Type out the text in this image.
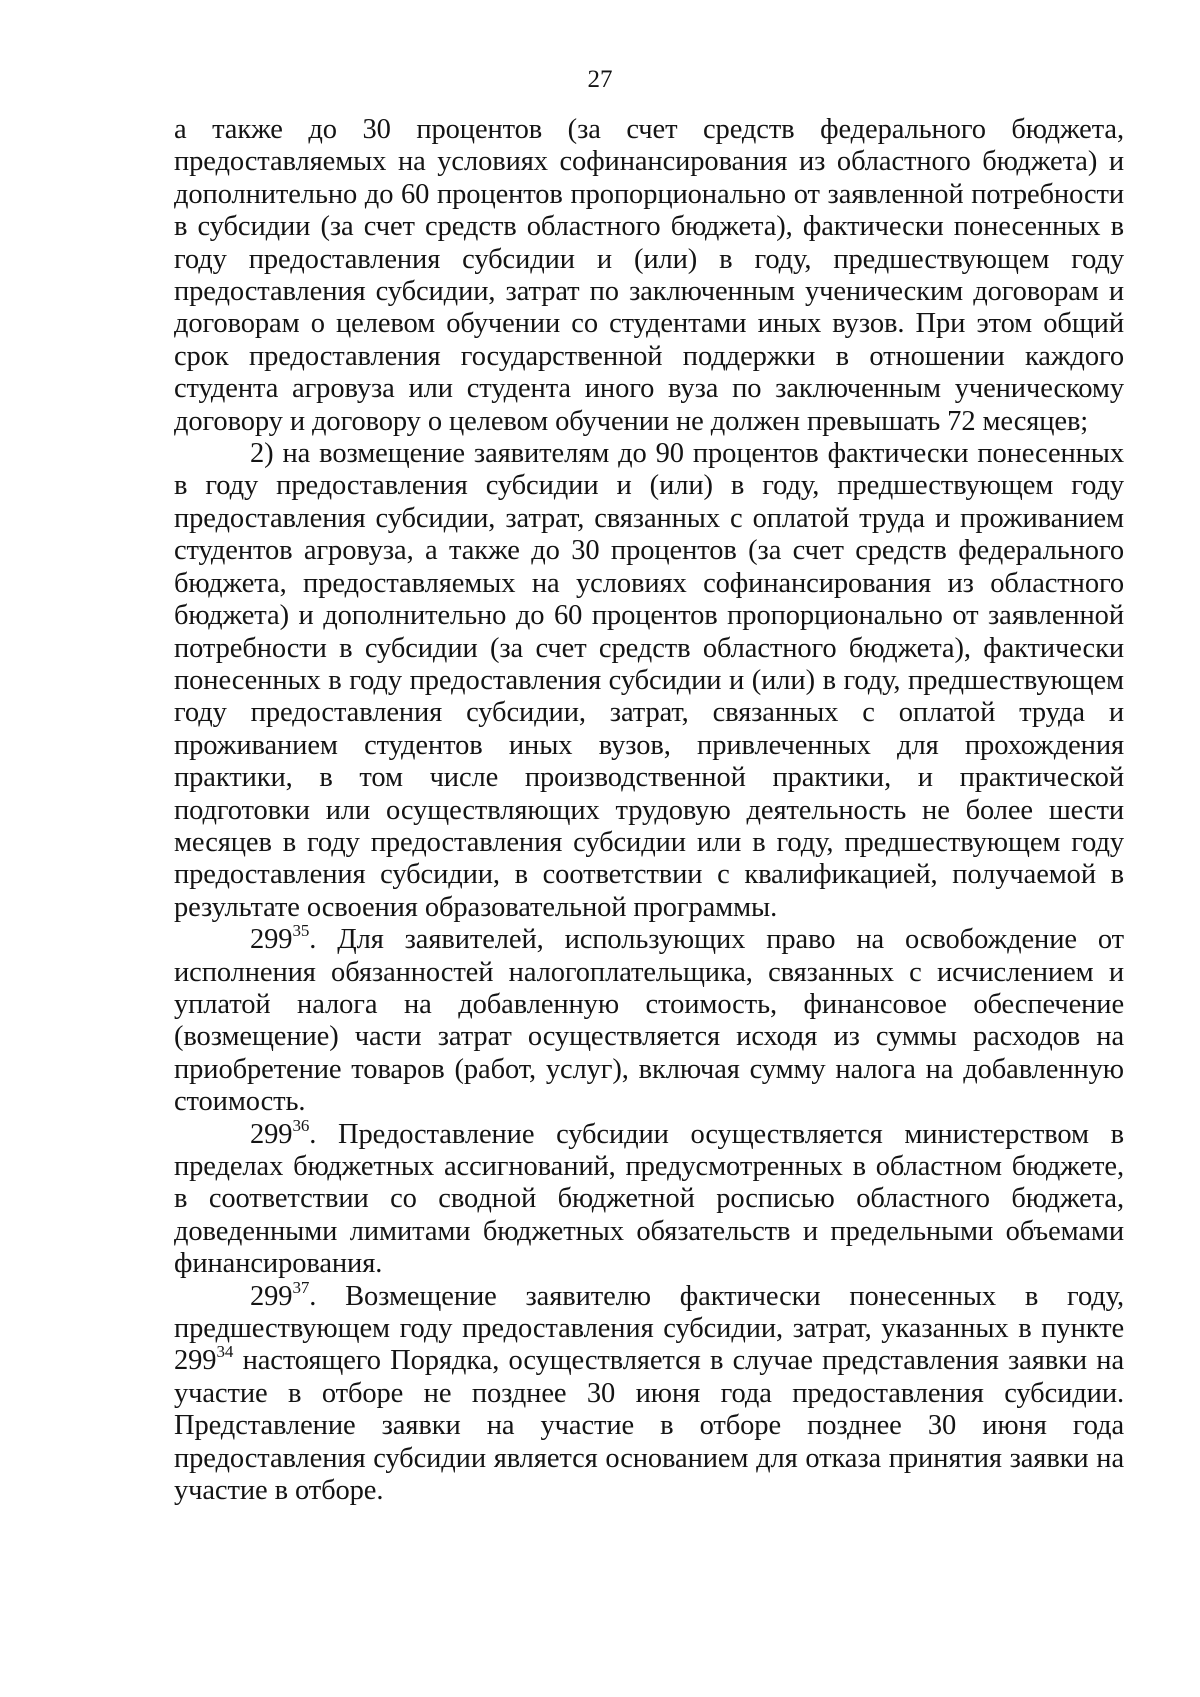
27

а также до 30 процентов (за счет средств федерального бюджета, предоставляемых на условиях софинансирования из областного бюджета) и дополнительно до 60 процентов пропорционально от заявленной потребности в субсидии (за счет средств областного бюджета), фактически понесенных в году предоставления субсидии и (или) в году, предшествующем году предоставления субсидии, затрат по заключенным ученическим договорам и договорам о целевом обучении со студентами иных вузов. При этом общий срок предоставления государственной поддержки в отношении каждого студента агровуза или студента иного вуза по заключенным ученическому договору и договору о целевом обучении не должен превышать 72 месяцев;

2) на возмещение заявителям до 90 процентов фактически понесенных в году предоставления субсидии и (или) в году, предшествующем году предоставления субсидии, затрат, связанных с оплатой труда и проживанием студентов агровуза, а также до 30 процентов (за счет средств федерального бюджета, предоставляемых на условиях софинансирования из областного бюджета) и дополнительно до 60 процентов пропорционально от заявленной потребности в субсидии (за счет средств областного бюджета), фактически понесенных в году предоставления субсидии и (или) в году, предшествующем году предоставления субсидии, затрат, связанных с оплатой труда и проживанием студентов иных вузов, привлеченных для прохождения практики, в том числе производственной практики, и практической подготовки или осуществляющих трудовую деятельность не более шести месяцев в году предоставления субсидии или в году, предшествующем году предоставления субсидии, в соответствии с квалификацией, получаемой в результате освоения образовательной программы.

$299^{35}$. Для заявителей, использующих право на освобождение от исполнения обязанностей налогоплательщика, связанных с исчислением и уплатой налога на добавленную стоимость, финансовое обеспечение (возмещение) части затрат осуществляется исходя из суммы расходов на приобретение товаров (работ, услуг), включая сумму налога на добавленную стоимость.

$299^{36}$. Предоставление субсидии осуществляется министерством в пределах бюджетных ассигнований, предусмотренных в областном бюджете, в соответствии со сводной бюджетной росписью областного бюджета, доведенными лимитами бюджетных обязательств и предельными объемами финансирования.

$299^{37}$. Возмещение заявителю фактически понесенных в году, предшествующем году предоставления субсидии, затрат, указанных в пункте $299^{34}$ настоящего Порядка, осуществляется в случае представления заявки на участие в отборе не позднее 30 июня года предоставления субсидии. Представление заявки на участие в отборе позднее 30 июня года предоставления субсидии является основанием для отказа принятия заявки на участие в отборе.
